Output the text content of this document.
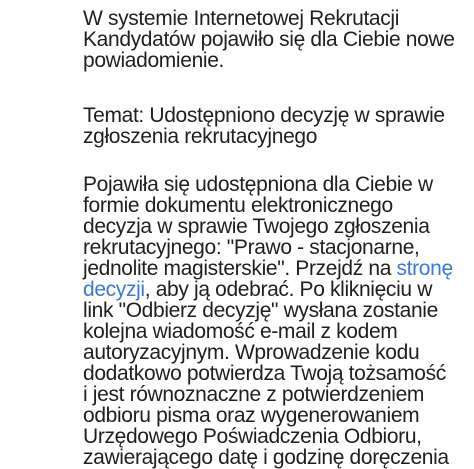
W systemie Internetowej Rekrutacji
Kandydatów pojawiło się dla Ciebie nowe
powiadomienie.
Temat: Udostępniono decyzję w sprawie
zgłoszenia rekrutacyjnego
Pojawiła się udostępniona dla Ciebie w
formie dokumentu elektronicznego
decyzja w sprawie Twojego zgłoszenia
rekrutacyjnego: "Prawo - stacjonarne,
jednolite magisterskie". Przejdź na stronę
decyzji, aby ją odebrać. Po kliknięciu w
link "Odbierz decyzję" wysłana zostanie
kolejna wiadomość e-mail z kodem
autoryzacyjnym. Wprowadzenie kodu
dodatkowo potwierdza Twoją tożsamość
i jest równoznaczne z potwierdzeniem
odbioru pisma oraz wygenerowaniem
Urzędowego Poświadczenia Odbioru,
zawierającego datę i godzinę doręczenia
